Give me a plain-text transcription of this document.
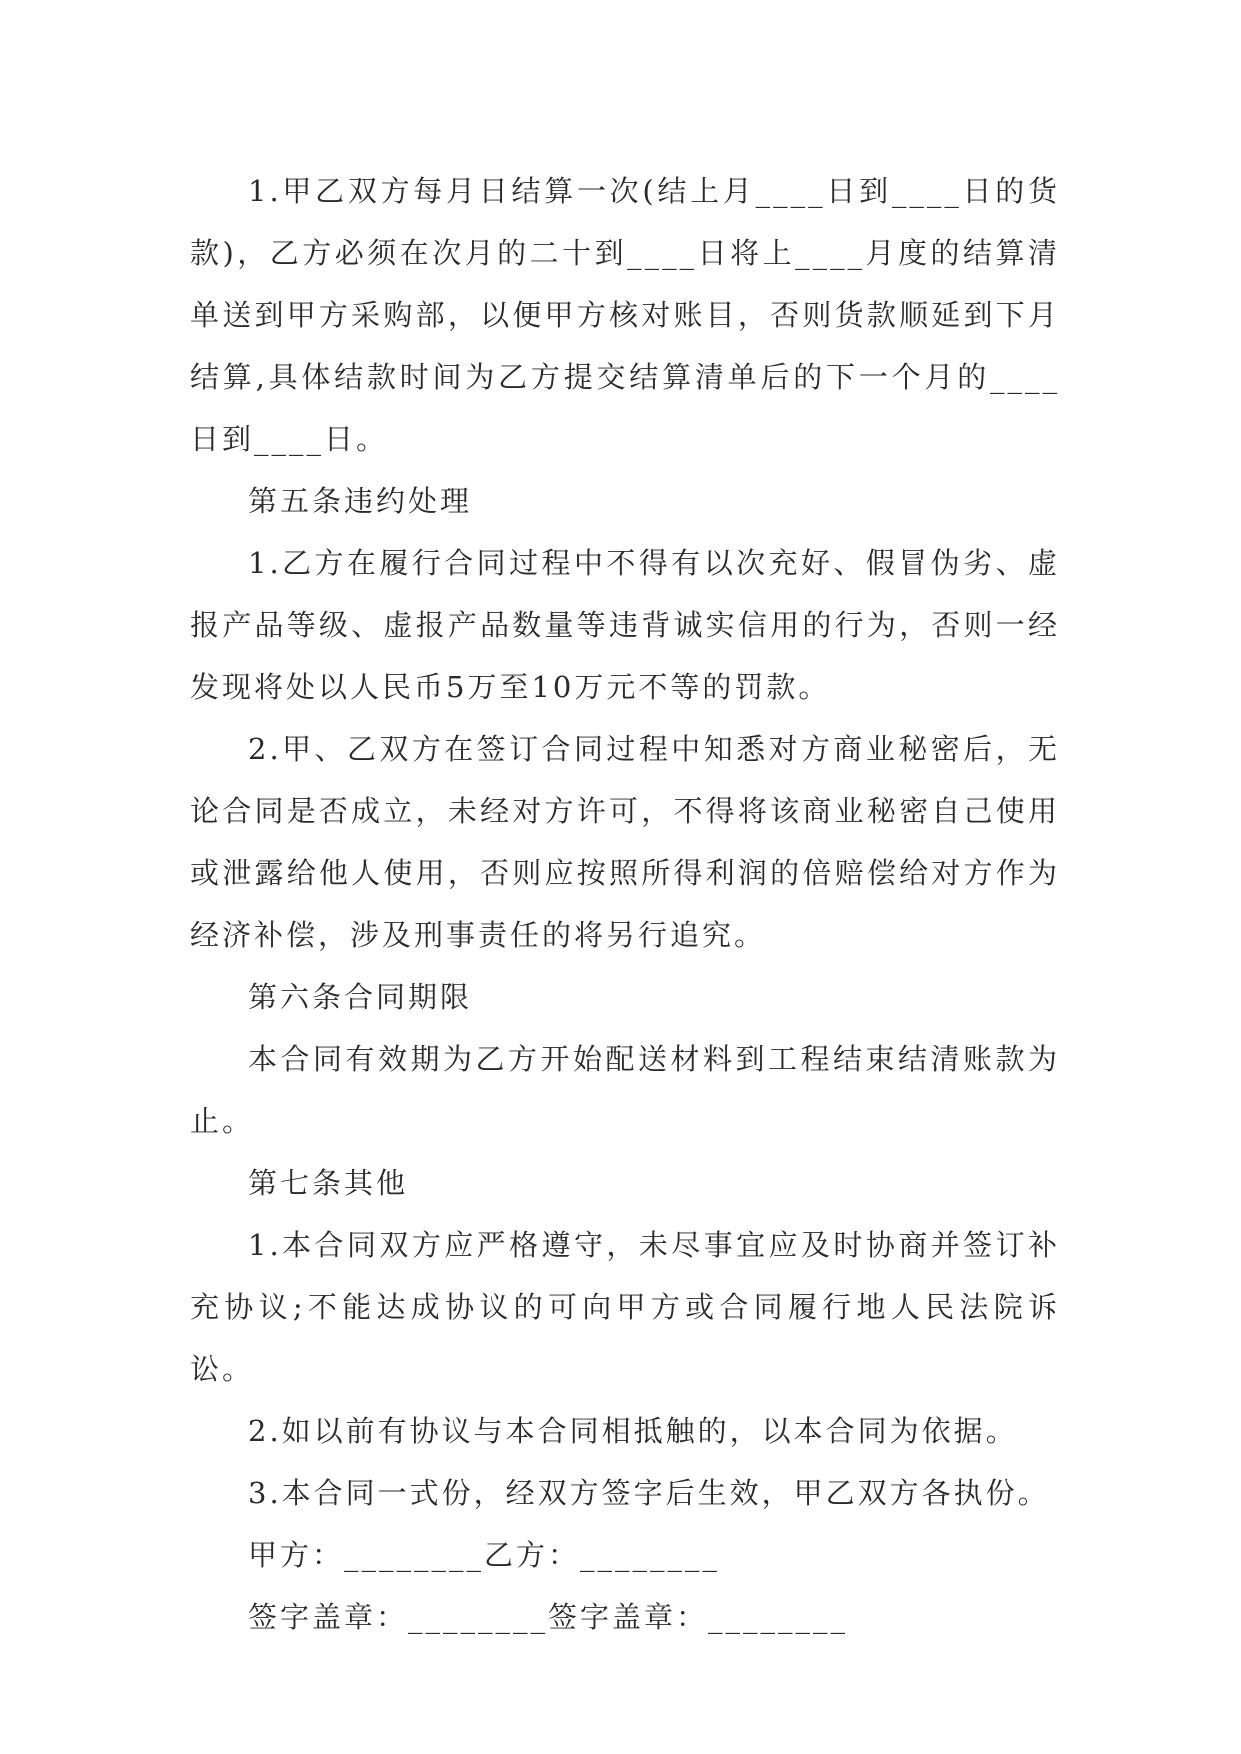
1.甲乙双方每月日结算一次(结上月____日到____日的货款)，乙方必须在次月的二十到____日将上____月度的结算清单送到甲方采购部，以便甲方核对账目，否则货款顺延到下月结算,具体结款时间为乙方提交结算清单后的下一个月的____日到____日。

第五条违约处理

1.乙方在履行合同过程中不得有以次充好、假冒伪劣、虚报产品等级、虚报产品数量等违背诚实信用的行为，否则一经发现将处以人民币5万至10万元不等的罚款。

2.甲、乙双方在签订合同过程中知悉对方商业秘密后，无论合同是否成立，未经对方许可，不得将该商业秘密自己使用或泄露给他人使用，否则应按照所得利润的倍赔偿给对方作为经济补偿，涉及刑事责任的将另行追究。

第六条合同期限

本合同有效期为乙方开始配送材料到工程结束结清账款为止。

第七条其他

1.本合同双方应严格遵守，未尽事宜应及时协商并签订补充协议;不能达成协议的可向甲方或合同履行地人民法院诉讼。

2.如以前有协议与本合同相抵触的，以本合同为依据。

3.本合同一式份，经双方签字后生效，甲乙双方各执份。

甲方：________乙方：________

签字盖章：________签字盖章：________
